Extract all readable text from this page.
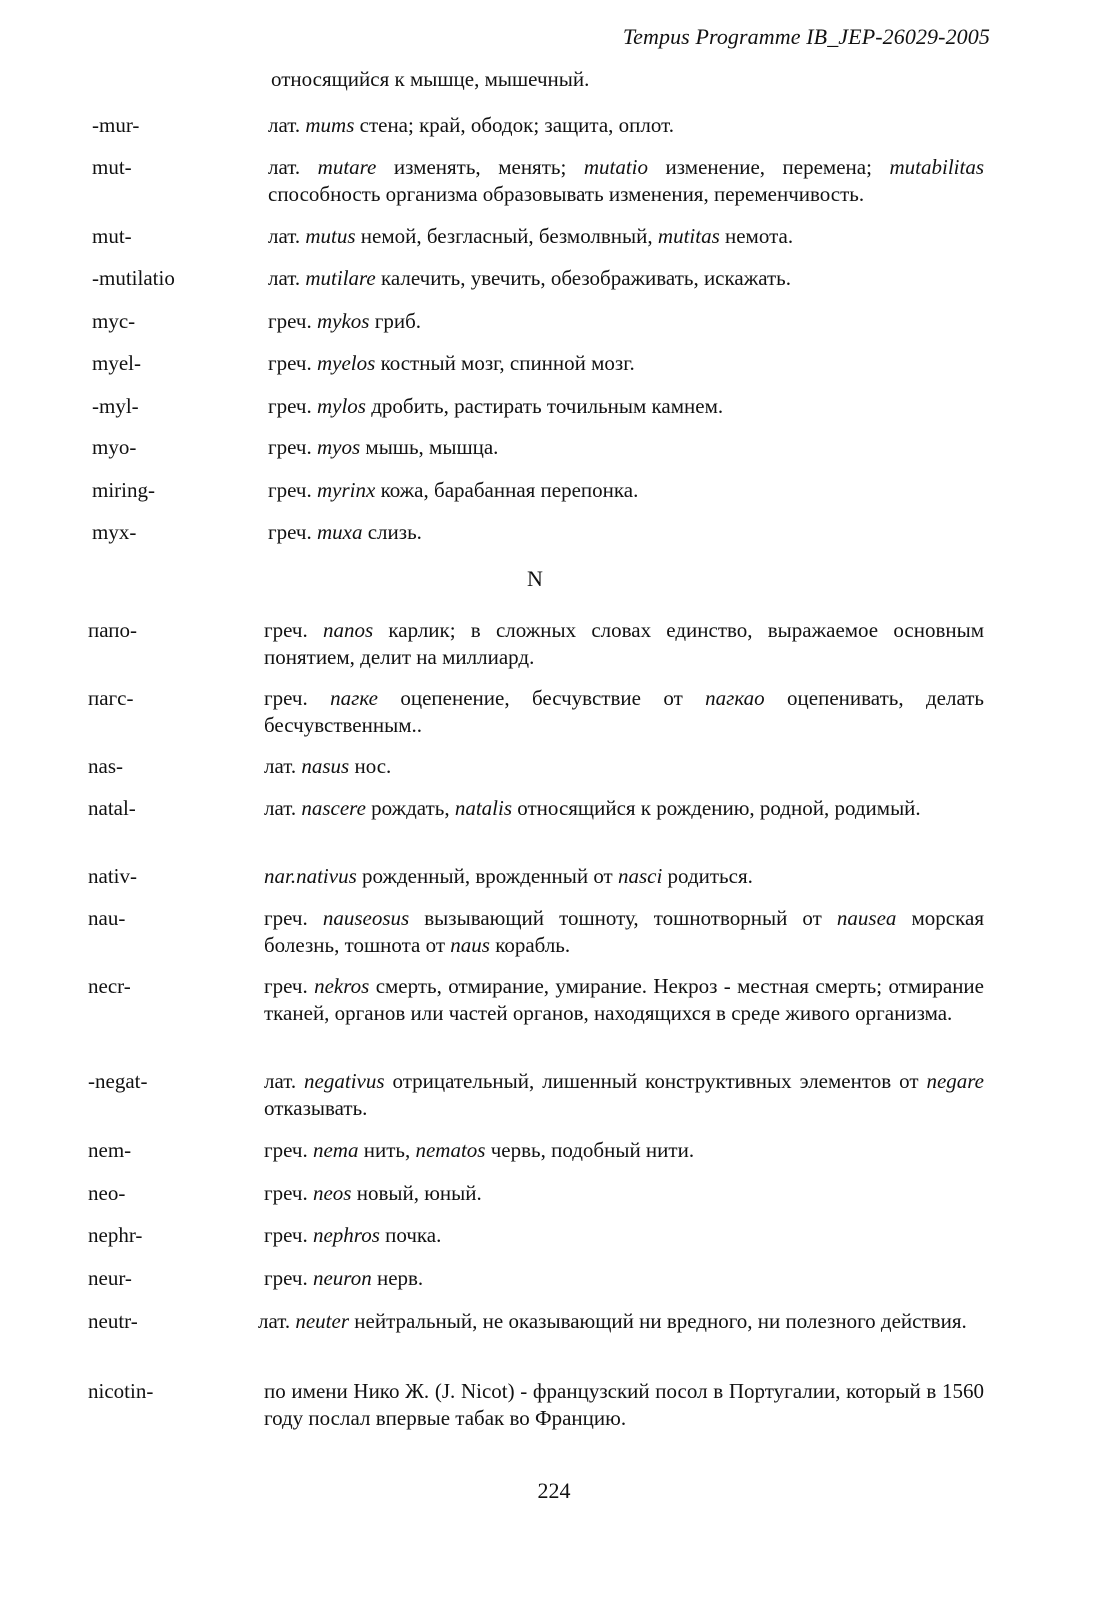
Tempus Programme IB_JEP-26029-2005
относящийся к мышце, мышечный.
-mur-	лат. mums стена; край, ободок; защита, оплот.
mut-	лат. mutare изменять, менять; mutatio изменение, перемена; mutabilitas способность организма образовывать изменения, переменчивость.
mut-	лат. mutus немой, безгласный, безмолвный, mutitas немота.
-mutilatio	лат. mutilare калечить, увечить, обезображивать, искажать.
myc-	греч. mykos гриб.
myel-	греч. myelos костный мозг, спинной мозг.
-myl-	греч. mylos дробить, растирать точильным камнем.
myo-	греч. myos мышь, мышца.
miring-	греч. myrinx кожа, барабанная перепонка.
myx-	греч. muxa слизь.
папо-	греч. nanos карлик; в сложных словах единство, выражаемое основным понятием, делит на миллиард.
пагс-	греч. пагке оцепенение, бесчувствие от пагкао оцепенивать, делать бесчувственным..
nas-	лат. nasus нос.
natal-	лат. nascere рождать, natalis относящийся к рождению, родной, родимый.
nativ-	nar.nativus рожденный, врожденный от nasci родиться.
nau-	греч. nauseosus вызывающий тошноту, тошнотворный от nausea морская болезнь, тошнота от naus корабль.
necr-	греч. nekros смерть, отмирание, умирание. Некроз - местная смерть; отмирание тканей, органов или частей органов, находящихся в среде живого организма.
-negat-	лат. negativus отрицательный, лишенный конструктивных элементов от negare отказывать.
nem-	греч. nema нить, nematos червь, подобный нити.
neo-	греч. neos новый, юный.
nephr-	греч. nephros почка.
neur-	греч. neuron нерв.
neutr-	лат. neuter нейтральный, не оказывающий ни вредного, ни полезного действия.
nicotin-	по имени Нико Ж. (J. Nicot) - французский посол в Португалии, который в 1560 году послал впервые табак во Францию.
N
224
